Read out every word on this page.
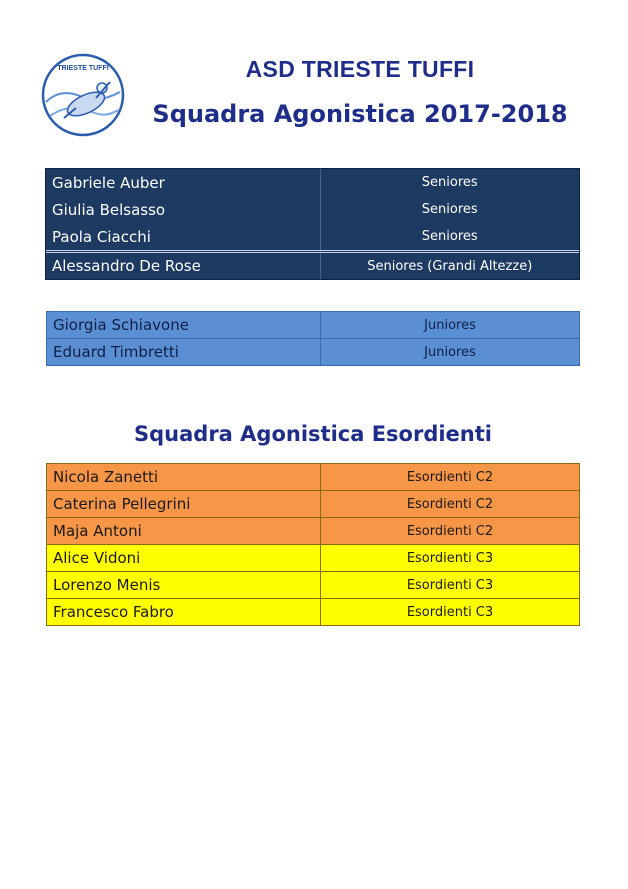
TRIESTE TUFFI	ASD TRIESTE TUFFI
Squadra Agonistica 2017-2018
Gabriele Auber	Seniores
Giulia Belsasso	Seniores
Paola Ciacchi	Seniores
Alessandro De Rose	Seniores (Grandi Altezze)
Giorgia Schiavone	Juniores
Eduard Timbretti	Juniores
Squadra Agonistica Esordienti
Nicola Zanetti	Esordienti C2
Caterina Pellegrini	Esordienti C2
Maja Antoni	Esordienti C2
Alice Vidoni	Esordienti C3
Lorenzo Menis	Esordienti C3
Francesco Fabro	Esordienti C3
